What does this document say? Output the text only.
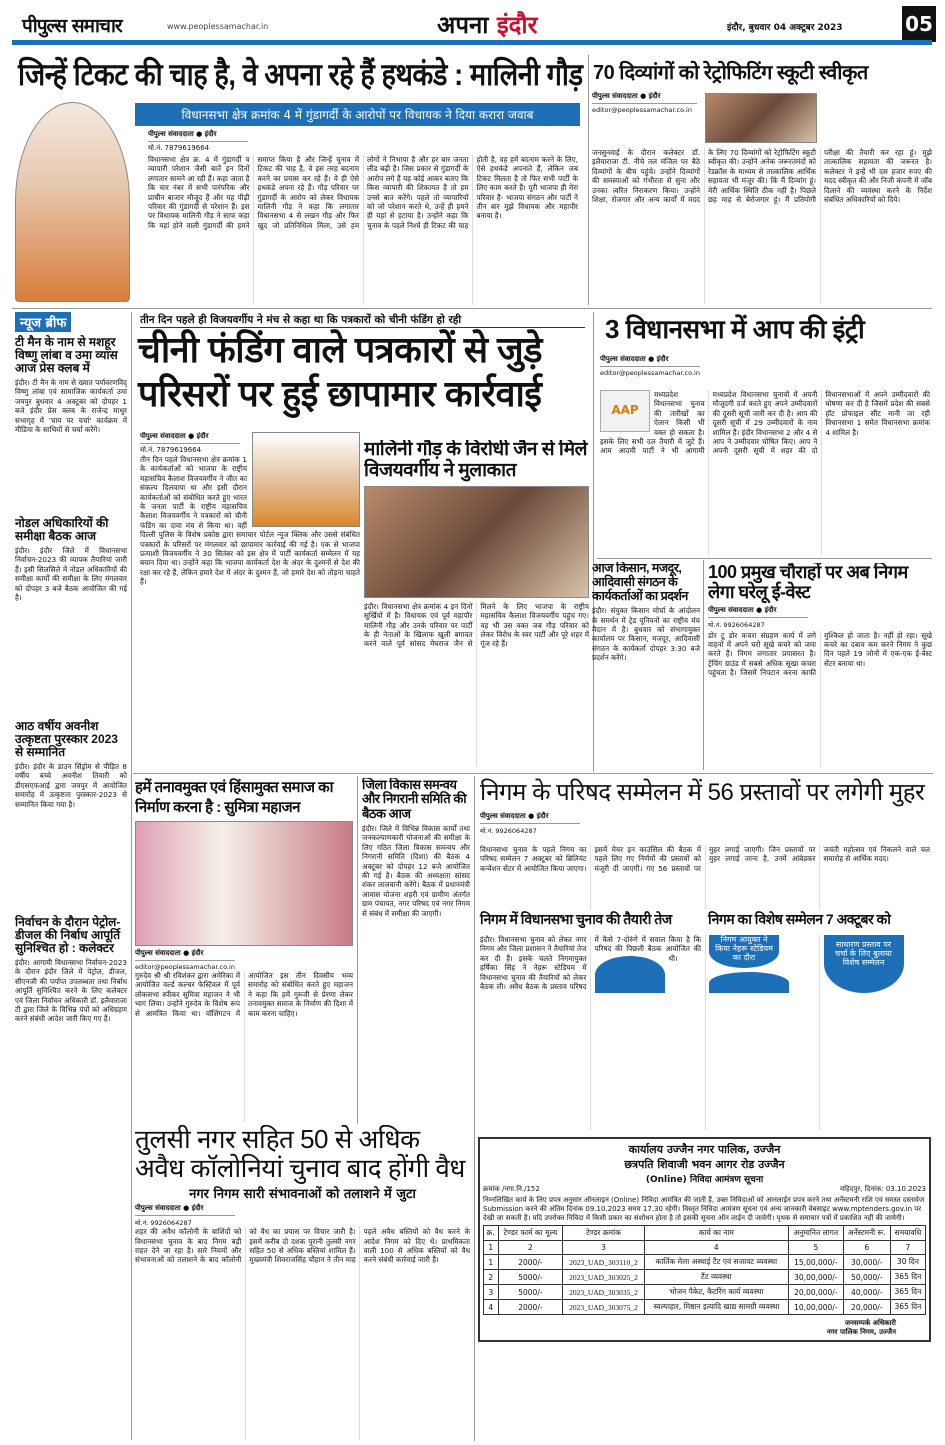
पीपुल्स समाचार	www.peoplessamachar.in	अपना इंदौर	इंदौर, बुधवार 04 अक्टूबर 2023	05
जिन्हें टिकट की चाह है, वे अपना रहे हैं हथकंडे : मालिनी गौड़
विधानसभा क्षेत्र क्रमांक 4 में गुंडागर्दी के आरोपों पर विधायक ने दिया करारा जवाब
पीपुल्स संवाददाता ● इंदौर
मो.नं. 7879619664
विधानसभा क्षेत्र क्र. 4 में गुंडागर्दी व व्यापारी परेशान जैसी बातें इन दिनों लगातार सामने आ रही हैं। कहा जाता है कि चार नंबर में सभी पारंपरिक और प्राचीन बाजार मौजूद हैं और यह पीढ़ी परिवार की गुंडागर्दी से परेशान हैं। इस पर विधायक मालिनी गौड़ ने साफ कहा कि यहां होने वाली गुंडागर्दी की हमने समाप्त किया है और जिन्हें चुनाव में टिकट की चाह है, वे इस तरह बदनाम करने का प्रयास कर रहे हैं। वे ही ऐसे हथकंडे अपना रहे हैं। गौड़ परिवार पर गुंडागर्दी के आरोप को लेकर विधायक मालिनी गौड़ ने कहा कि लगातार विधानसभा 4 से लखन गौड़ और फिर खुद जो प्रतिनिधित्व मिला, उसे हम लोगों ने निभाया है और हर बार जनता लीड बढ़ी है। जिस प्रकार से गुंडागर्दी के आरोप लगे हैं यह कोई आकर बताए कि किस व्यापारी की शिकायत है तो हम उनसे बात करेंगे। पहले तो व्यापारियों को जो परेशान करते थे, उन्हें ही हमने ही यहां से हटाया है। उन्होंने कहा कि चुनाव के पहले निश्चे ही टिकट की चाह होती है, वह हमें बदनाम करने के लिए, ऐसे हथकंडे अपनाते हैं, लेकिन जब टिकट मिलता है तो फिर सभी पार्टी के लिए काम करते हैं। पूरी भाजपा ही मेरा परिवार है- भाजपा संगठन और पार्टी ने तीन बार मुझे विधायक और महापौर बनाया है।
70 दिव्यांगों को रेट्रोफिटिंग स्कूटी स्वीकृत
पीपुल्स संवाददाता ● इंदौर
editor@peoplessamachar.co.in
जनसुनवाई के दौरान कलेक्टर डॉ. इलैयाराजा टी. नीचे तल मंजिल पर बैठे दिव्यांगों के बीच पहुंचे। उन्होंने दिव्यांगों की समस्याओं को गंभीरता से सुना और उनका त्वरित निराकरण किया। उन्होंने शिक्षा, रोजगार और अन्य कार्यों में मदद के लिए 70 दिव्यांगों को रेट्रोफिटिंग स्कूटी स्वीकृत की। उन्होंने अनेक जरूरतमंदों को रेडक्रॉस के माध्यम से तात्कालिक आर्थिक सहायता भी मंजूर की। किं मैं दिव्यांग हूं। मेरी आर्थिक स्थिति ठीक नहीं है। पिछले छह माह से बेरोजगार हूं। मैं प्रतियोगी परीक्षा की तैयारी कर रहा हूं। मुझे तात्कालिक सहायता की जरूरत है। कलेक्टर ने इन्हें भी दस हजार रुपए की मदद स्वीकृत की और निजी कंपनी में जॉब दिलाने की व्यवस्था करने के निर्देश संबंधित अधिकारियों को दिये।
न्यूज ब्रीफ
टी मैन के नाम से मशहूर विष्णु लांबा व उमा व्यास आज प्रेस क्लब में
इंदौर। टी मैन के नाम से ख्यात पर्यावरणविद् विष्णु लांबा एवं सामाजिक कार्यकर्ता उमा जयपुर बुधवार 4 अक्टूबर को दोपहर 1 बजे इंदौर प्रेस क्लब के राजेन्द्र माथुर सभागृह में 'चाय पर चर्चा' कार्यक्रम में मीडिया के साथियों से चर्चा करेंगे।
नोडल अधिकारियों की समीक्षा बैठक आज
इंदौर। इंदौर जिले में विधानसभा निर्वाचन-2023 की व्यापक तैयारियां जारी हैं। इसी सिलसिले में नोडल अधिकारियों की समीक्षा कार्यों की समीक्षा के लिए मंगलवार को दोपहर 3 बजे बैठक आयोजित की गई है।
आठ वर्षीय अवनीश उत्कृष्टता पुरस्कार 2023 से सम्मानित
इंदौर। इंदौर के डाउन सिंड्रोम से पीड़ित 8 वर्षीय बच्चे अवनीश तिवारी को डीएसएफआई द्वारा जयपुर में आयोजित समारोह में उत्कृष्टता पुरस्कार-2023 से सम्मानित किया गया है।
निर्वाचन के दौरान पेट्रोल-डीजल की निर्बाध आपूर्ति सुनिश्चित हो : कलेक्टर
इंदौर। आगामी विधानसभा निर्वाचन-2023 के दौरान इंदौर जिले में पेट्रोल, डीजल, सीएनजी की पर्याप्त उपलब्धता तथा निर्बाध आपूर्ति सुनिश्चित करने के लिए कलेक्टर एवं जिला निर्वाचन अधिकारी डॉ. इलैयाराजा टी द्वारा जिले के विभिन्न पंपों को अधिग्रहण करने संबंधी आदेश जारी किए गए हैं।
तीन दिन पहले ही विजयवर्गीय ने मंच से कहा था कि पत्रकारों को चीनी फंडिंग हो रही
चीनी फंडिंग वाले पत्रकारों से जुड़े
परिसरों पर हुई छापामार कार्रवाई
पीपुल्स संवाददाता ● इंदौर
मो.नं. 7879619664
तीन दिन पहले विधानसभा क्षेत्र क्रमांक 1 के कार्यकर्ताओं को भाजपा के राष्ट्रीय महासचिव कैलाश विजयवर्गीय ने जीत का संकल्प दिलवाया था और इसी दौरान कार्यकर्ताओं को संबोधित करते हुए भारत के जनता पार्टी के राष्ट्रीय महासचिव कैलाश विजयवर्गीय ने पत्रकारों को चीनी फंडिंग का दावा मंच से किया था। वहीं दिल्ली पुलिस के विशेष प्रकोष्ठ द्वारा समाचार पोर्टल न्यूज क्लिक और उससे संबंधित पत्रकारों के परिसरों पर मंगलवार को छापामार कार्रवाई की गई है। एक से भाजपा प्रत्याशी विजयवर्गीय ने 30 सितंबर को इस क्षेत्र में पार्टी कार्यकर्ता सम्मेलन में यह बयान दिया था। उन्होंने कहा कि भाजपा कार्यकर्ता देश के अंदर के दुश्मनों से देश की रक्षा कर रहे हैं, लेकिन हमारे देश में अंदर के दुश्मन हैं, जो हमारे देश को तोड़ना चाहते हैं।
मालिनी गौड़ के विरोधी जैन से मिले विजयवर्गीय ने मुलाकात
इंदौर। विधानसभा क्षेत्र क्रमांक 4 इन दिनों सुर्खियों में है। विधायक एवं पूर्व महापौर मालिनी गौड़ और उनके परिवार पर पार्टी के ही नेताओं के खिलाफ खुली बगावत करने वाले पूर्व सांसद मेघराज जैन से मिलने के लिए भाजपा के राष्ट्रीय महासचिव कैलाश विजयवर्गीय पहुंच गए। वह भी उस वक्त जब गौड़ परिवार को लेकर विरोध के स्वर पार्टी और पूरे शहर में गूंज रहे हैं।
3 विधानसभा में आप की इंट्री
पीपुल्स संवाददाता ● इंदौर
editor@peoplessamachar.co.in
AAP
मध्यप्रदेश विधानसभा चुनाव की तारीखों का ऐलान किसी भी वक्त हो सकता है। इसके लिए सभी दल तैयारी में जुटे हैं। आम आदमी पार्टी ने भी आगामी मध्यप्रदेश विधानसभा चुनावों में अपनी मौजूदगी दर्ज करते हुए अपने उम्मीदवारों की दूसरी सूची जारी कर दी है। आप की दूसरी सूची में 29 उम्मीदवारों के नाम शामिल हैं। इंदौर विधानसभा 2 और 4 से आप ने उम्मीदवार घोषित किए। आप ने अपनी दूसरी सूची में शहर की दो विधानसभाओं में अपने उम्मीदवारों की घोषणा कर दी है जिसमें प्रदेश की सबसे हॉट प्रोफाइल सीट मानी जा रही विधानसभा 1 समेत विधानसभा क्रमांक 4 शामिल है।
आज किसान, मजदूर, आदिवासी संगठन के कार्यकर्ताओं का प्रदर्शन
इंदौर। संयुक्त किसान मोर्चा के आंदोलन के समर्थन में ट्रेड यूनियनों का राष्ट्रीय मंच मैदान में है। बुधवार को संभागायुक्त कार्यालय पर किसान, मजदूर, आदिवासी संगठन के कार्यकर्ता दोपहर 3:30 बजे प्रदर्शन करेंगे।
100 प्रमुख चौराहों पर अब निगम लेगा घरेलू ई-वेस्ट
पीपुल्स संवाददाता ● इंदौर
मो.नं. 9926064287
डोर टू डोर कचरा संग्रहण कार्य में लगे वाहनों में अपने घरों सूखे कचरे को जमा करते हैं। निगम लगातार प्रयासरत है। ट्रेंचिंग ग्राउंड में सबसे अधिक सूखा कचरा पहुंचता है। जिसमें निपटान करना काफी मुश्किल हो जाता है। नहीं हो रहा। सूखे कचरे का दबाव कम करने निगम ने कुछ दिन पहले 19 जोनों में एक-एक ई-वेस्ट सेंटर बनाया था।
हमें तनावमुक्त एवं हिंसामुक्त समाज का निर्माण करना है : सुमित्रा महाजन
पीपुल्स संवाददाता ● इंदौर
editor@peoplessamachar.co.in
गुरुदेव श्री श्री रविशंकर द्वारा अमेरिका में आयोजित वर्ल्ड कल्चर फेस्टिवल में पूर्व लोकसभा स्पीकर सुमित्रा महाजन ने भी भाग लिया। उन्होंने गुरुदेव के विशेष रूप से आमंत्रित किया था। वॉशिंगटन में आयोजित इस तीन दिवसीय भव्य समारोह को संबोधित करते हुए महाजन ने कहा कि हमें गुरुजी से प्रेरणा लेकर तनावमुक्त समाज के निर्माण की दिशा में काम करना चाहिए।
जिला विकास समन्वय और निगरानी समिति की बैठक आज
इंदौर। जिले में विभिन्न विकास कार्यों तथा जनकल्याणकारी योजनाओं की समीक्षा के लिए गठित जिला विकास समन्वय और निगरानी समिति (दिशा) की बैठक 4 अक्टूबर को दोपहर 12 बजे आयोजित की गई है। बैठक की अध्यक्षता सांसद शंकर लालवानी करेंगे। बैठक में प्रधानमंत्री आवास योजना शहरी एवं ग्रामीण अंतर्गत ग्राम पंचायत, नगर परिषद एवं नगर निगम से संबंध में समीक्षा की जाएगी।
निगम के परिषद सम्मेलन में 56 प्रस्तावों पर लगेगी मुहर
पीपुल्स संवाददाता ● इंदौर
मो.नं. 9926064287
विधानसभा चुनाव के पहले निगम का परिषद सम्मेलन 7 अक्टूबर को ब्रिलियंट कन्वेंशन सेंटर में आयोजित किया जाएगा। इसमें मेयर इन काउंसिल की बैठक में पहले लिए गए निर्णयों की प्रस्तावों को मंजूरी दी जाएगी। गए 56 प्रस्तावों पर मुहर लगाई जाएगी। जिन प्रस्तावों पर मुहर लगाई जाना है, उनमें आंबेडकर जयंती महोत्सव एवं निकलने वाले चल समारोह से आर्थिक मदद।
निगम में विधानसभा चुनाव की तैयारी तेज	निगम का विशेष सम्मेलन 7 अक्टूबर को
इंदौर। विधानसभा चुनाव को लेकर नगर निगम और जिला प्रशासन ने तैयारियां तेज कर दी हैं। इसके चलते निगमायुक्त हर्षिका सिंह ने नेहरू स्टेडियम में विधानसभा चुनाव की तैयारियों को लेकर बैठक ली। अवैध बैठक के प्रस्ताव परिषद में कैसे 7-दोरुंगे में सवाल किया है कि परिषद की पिछली बैठक आयोजित की थी।
निगम आयुक्त ने किया नेहरू स्टेडियम का दौरा
साधारण प्रस्ताव पर चर्चा के लिए बुलाया विशेष सम्मेलन
तुलसी नगर सहित 50 से अधिक अवैध कॉलोनियां चुनाव बाद होंगी वैध
नगर निगम सारी संभावनाओं को तलाशने में जुटा
पीपुल्स संवाददाता ● इंदौर
मो.नं. 9926064287
शहर की अवैध कॉलोनी के बाशिंदों को विधानसभा चुनाव के बाद निगम बड़ी राहत देने जा रहा है। सारे नियमों और संभावनाओं को तलाशने के बाद कॉलोनी को वैध का प्रयास पर विचार जारी है। इसमें करीब दो दशक पुरानी तुलसी नगर सहित 50 से अधिक बस्तियां शामिल हैं। मुख्यमंत्री शिवराजसिंह चौहान ने तीन माह पहले अवैध बस्तियों को वैध करने के आदेश निगम को दिए थे। प्राथमिकता वाली 100 से अधिक बस्तियों को वैध करने संबंधी कार्रवाई जारी है।
कार्यालय उज्जैन नगर पालिक, उज्जैन
छत्रपति शिवाजी भवन आगर रोड उज्जैन
(Online) निविदा आमंत्रण सूचना
क्रमांक /नगा.नि./152	महिदपुर, दिनांक: 03.10.2023
निम्नलिखित कार्य के लिए प्रपत्र अनुसार ऑनलाइन (Online) निविदा आमंत्रित की जाती हैं, उक्त निविदाओं को आनलाईन प्रपत्र करने तथा अर्नेस्टमनी राशि एवं समस्त दस्तावेज Submission करने की अंतिम दिनांक 09.10.2023 समय 17.30 रहेगी। विस्तृत निविदा आमंत्रण सूचना एवं अन्य जानकारी वेबसाइट www.mptenders.gov.in पर देखी जा सकती है। यदि उपरोक्त निविदा में किसी प्रकार का संशोधन होता है तो इसकी सूचना ऑन लाईन दी जावेगी। पृथक से समाचार पत्रों में प्रकाशित नहीं की जायेगी।
क्र.	टेण्डर फार्म का मूल्य	टेण्डर क्रमांक	कार्य का नाम	अनुमानित लागत	अर्नेस्टमनी रू.	समयावधि
1	2	3	4	5	6	7
1	2000/-	2023_UAD_303110_2	कार्तिक मेला अस्थाई टैंट एवं सजावट व्यवस्था	15,00,000/-	30,000/-	30 दिन
2	5000/-	2023_UAD_303025_2	टैंट व्यवस्था	30,00,000/-	50,000/-	365 दिन
3	5000/-	2023_UAD_303035_2	भोजन पैकेट, कैटरिंग कार्य व्यवस्था	20,00,000/-	40,000/-	365 दिन
4	2000/-	2023_UAD_303075_2	स्वल्पाहार, मिष्ठान इत्यादि खाद्य सामग्री व्यवस्था	10,00,000/-	20,000/-	365 दिन
जनसम्पर्क अधिकारी
नगर पालिक निगम, उज्जैन
